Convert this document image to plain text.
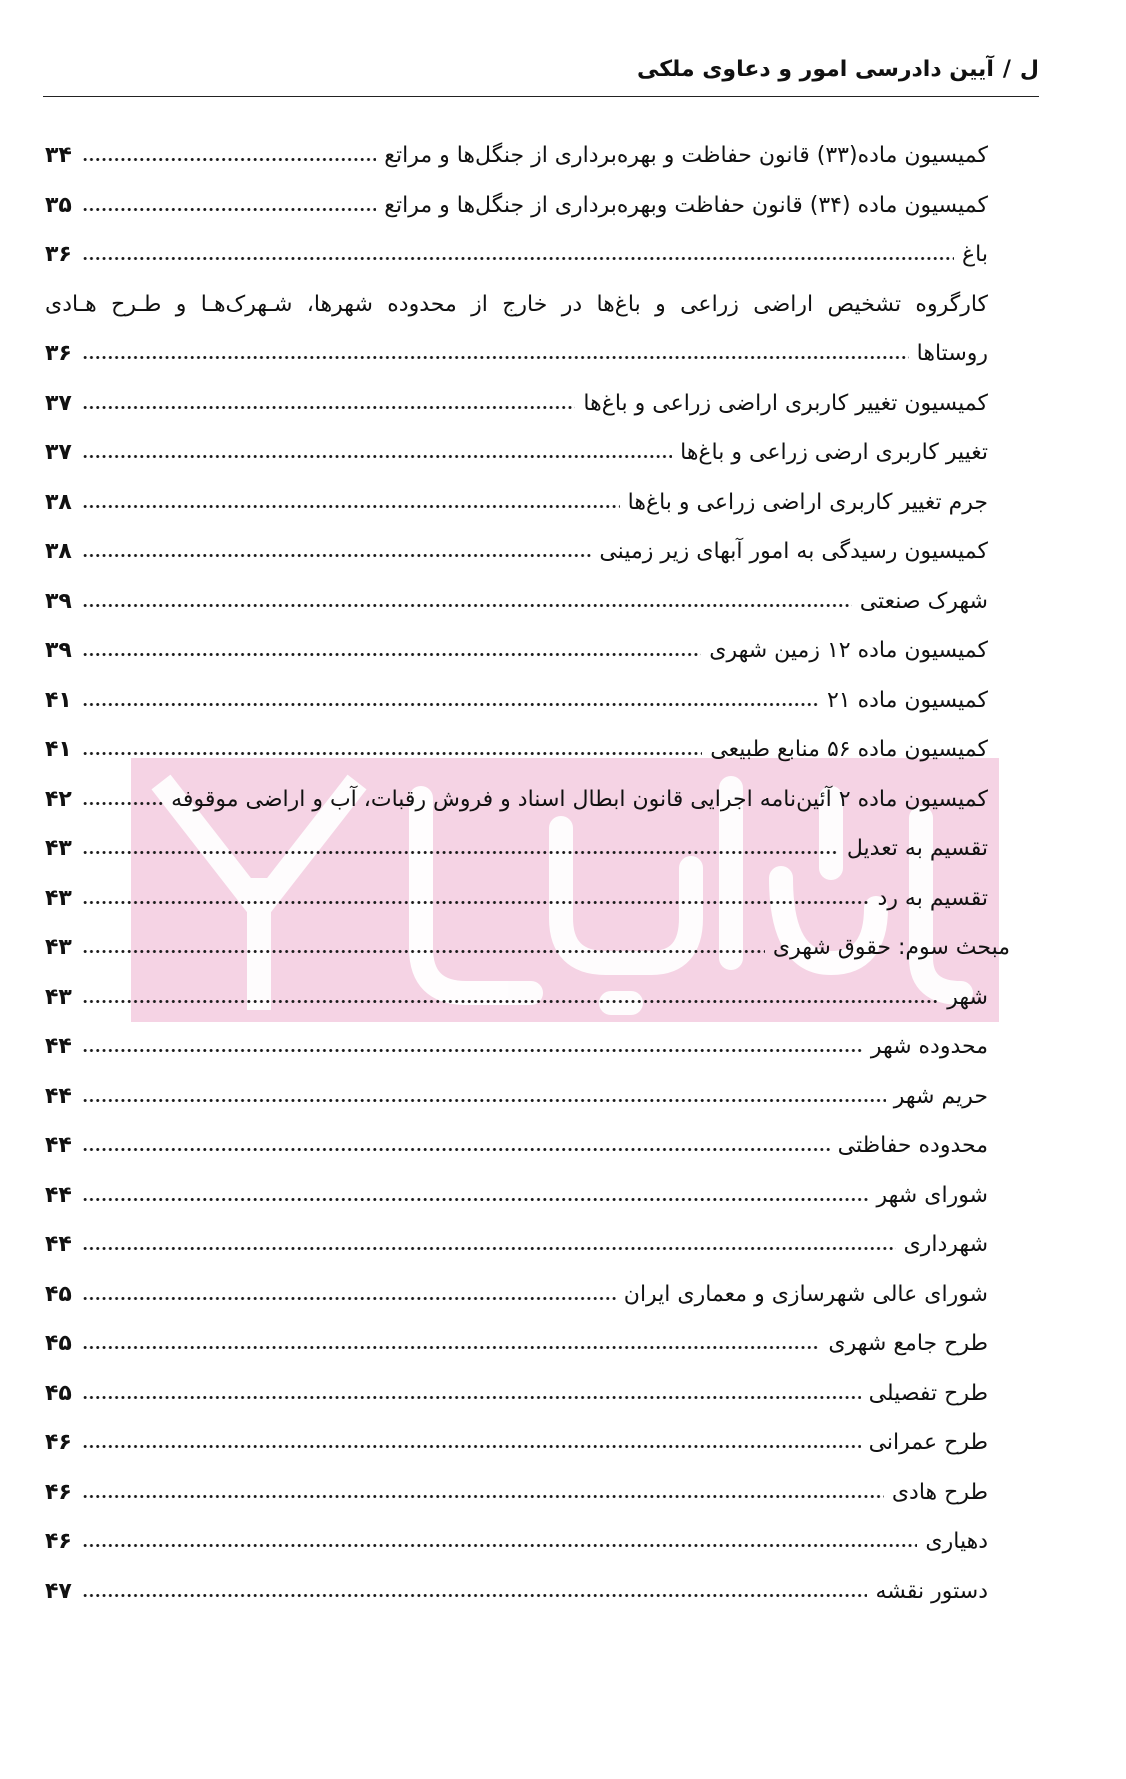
ل
/
آیین دادرسی امور و دعاوی ملکی
کمیسیون ماده(۳۳) قانون حفاظت و بهره‌برداری از جنگل‌ها و مراتع
۳۴
کمیسیون ماده (۳۴) قانون حفاظت وبهره‌برداری از جنگل‌ها و مراتع
۳۵
باغ
۳۶
کارگروه تشخیص اراضی زراعی و باغ‌ها در خارج از محدوده شهرها، شـهرک‌هـا و طـرح هـادی
روستاها
۳۶
کمیسیون تغییر کاربری اراضی زراعی و باغ‌ها
۳۷
تغییر کاربری ارضی زراعی و باغ‌ها
۳۷
جرم تغییر کاربری اراضی زراعی و باغ‌ها
۳۸
کمیسیون رسیدگی به امور آبهای زیر زمینی
۳۸
شهرک صنعتی
۳۹
کمیسیون ماده ۱۲ زمین شهری
۳۹
کمیسیون ماده ۲۱
۴۱
کمیسیون ماده ۵۶ منابع طبیعی
۴۱
کمیسیون ماده ۲ آئین‌نامه اجرایی قانون ابطال اسناد و فروش رقبات، آب و اراضی موقوفه
۴۲
تقسیم به تعدیل
۴۳
تقسیم به رد
۴۳
مبحث سوم: حقوق شهری
۴۳
شهر
۴۳
محدوده شهر
۴۴
حریم شهر
۴۴
محدوده حفاظتی
۴۴
شورای شهر
۴۴
شهرداری
۴۴
شورای عالی شهرسازی و معماری ایران
۴۵
طرح جامع شهری
۴۵
طرح تفصیلی
۴۵
طرح عمرانی
۴۶
طرح هادی
۴۶
دهیاری
۴۶
دستور نقشه
۴۷
